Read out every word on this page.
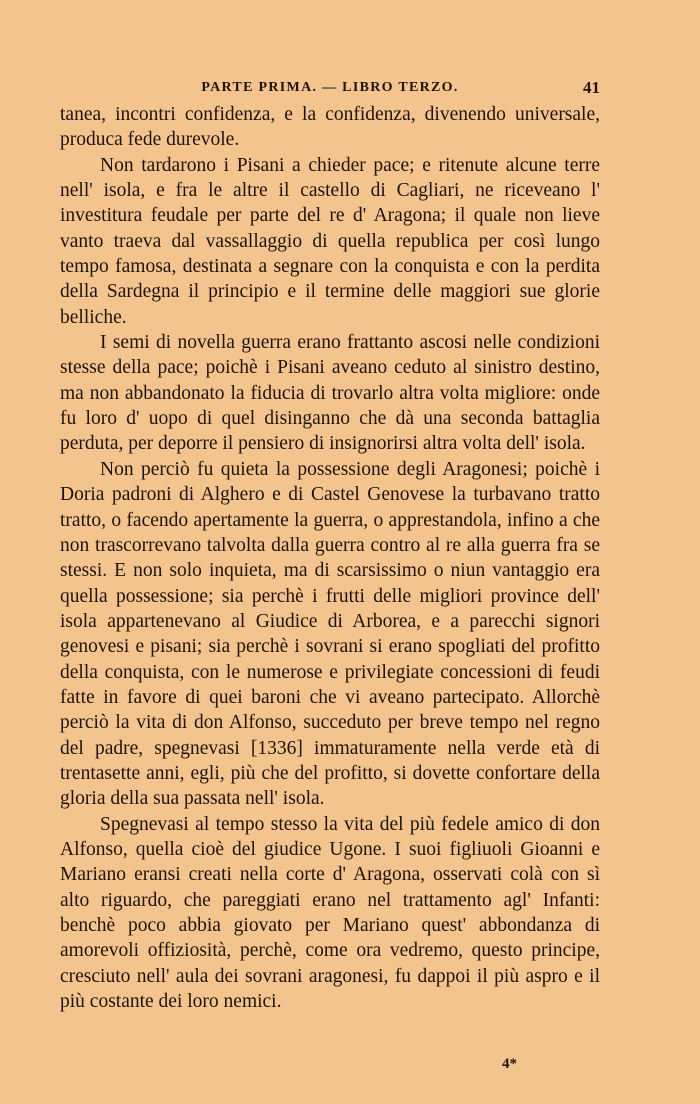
PARTE PRIMA. — LIBRO TERZO.	41

tanea, incontri confidenza, e la confidenza, divenendo universale, produca fede durevole.

Non tardarono i Pisani a chieder pace; e ritenute alcune terre nell' isola, e fra le altre il castello di Cagliari, ne riceveano l' investitura feudale per parte del re d' Aragona; il quale non lieve vanto traeva dal vassallaggio di quella republica per così lungo tempo famosa, destinata a segnare con la conquista e con la perdita della Sardegna il principio e il termine delle maggiori sue glorie belliche.

I semi di novella guerra erano frattanto ascosi nelle condizioni stesse della pace; poichè i Pisani aveano ceduto al sinistro destino, ma non abbandonato la fiducia di trovarlo altra volta migliore: onde fu loro d' uopo di quel disinganno che dà una seconda battaglia perduta, per deporre il pensiero di insignorirsi altra volta dell' isola.

Non perciò fu quieta la possessione degli Aragonesi; poichè i Doria padroni di Alghero e di Castel Genovese la turbavano tratto tratto, o facendo apertamente la guerra, o apprestandola, infino a che non trascorrevano talvolta dalla guerra contro al re alla guerra fra se stessi. E non solo inquieta, ma di scarsissimo o niun vantaggio era quella possessione; sia perchè i frutti delle migliori province dell' isola appartenevano al Giudice di Arborea, e a parecchi signori genovesi e pisani; sia perchè i sovrani si erano spogliati del profitto della conquista, con le numerose e privilegiate concessioni di feudi fatte in favore di quei baroni che vi aveano partecipato. Allorchè perciò la vita di don Alfonso, succeduto per breve tempo nel regno del padre, spegnevasi [1336] immaturamente nella verde età di trentasette anni, egli, più che del profitto, si dovette confortare della gloria della sua passata nell' isola.

Spegnevasi al tempo stesso la vita del più fedele amico di don Alfonso, quella cioè del giudice Ugone. I suoi figliuoli Gioanni e Mariano eransi creati nella corte d' Aragona, osservati colà con sì alto riguardo, che pareggiati erano nel trattamento agl' Infanti: benchè poco abbia giovato per Mariano quest' abbondanza di amorevoli offiziosità, perchè, come ora vedremo, questo principe, cresciuto nell' aula dei sovrani aragonesi, fu dappoi il più aspro e il più costante dei loro nemici.

4*
